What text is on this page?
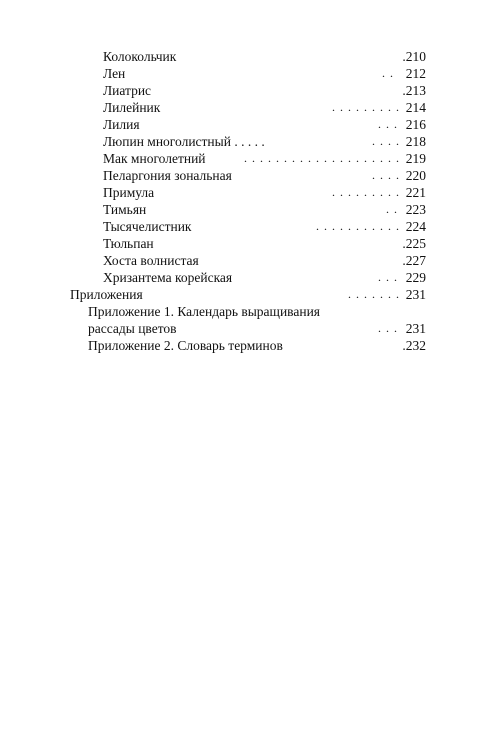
Колокольчик	.210
Лен	. . 212
Лиатрис	.213
Лилейник	. . . . . . . . . 214
Лилия	. . . 216
Люпин многолистный . . . . .	. . . . 218
Мак многолетний	. . . . . . . . . . . . . . . . . . . . 219
Пеларгония зональная	. . . . 220
Примула	. . . . . . . . . 221
Тимьян	. . 223
Тысячелистник	. . . . . . . . . . . 224
Тюльпан	.225
Хоста волнистая	.227
Хризантема корейская	. . . 229
Приложения	. . . . . . . 231
Приложение 1. Календарь выращивания
рассады цветов	. . . 231
Приложение 2. Словарь терминов	.232
